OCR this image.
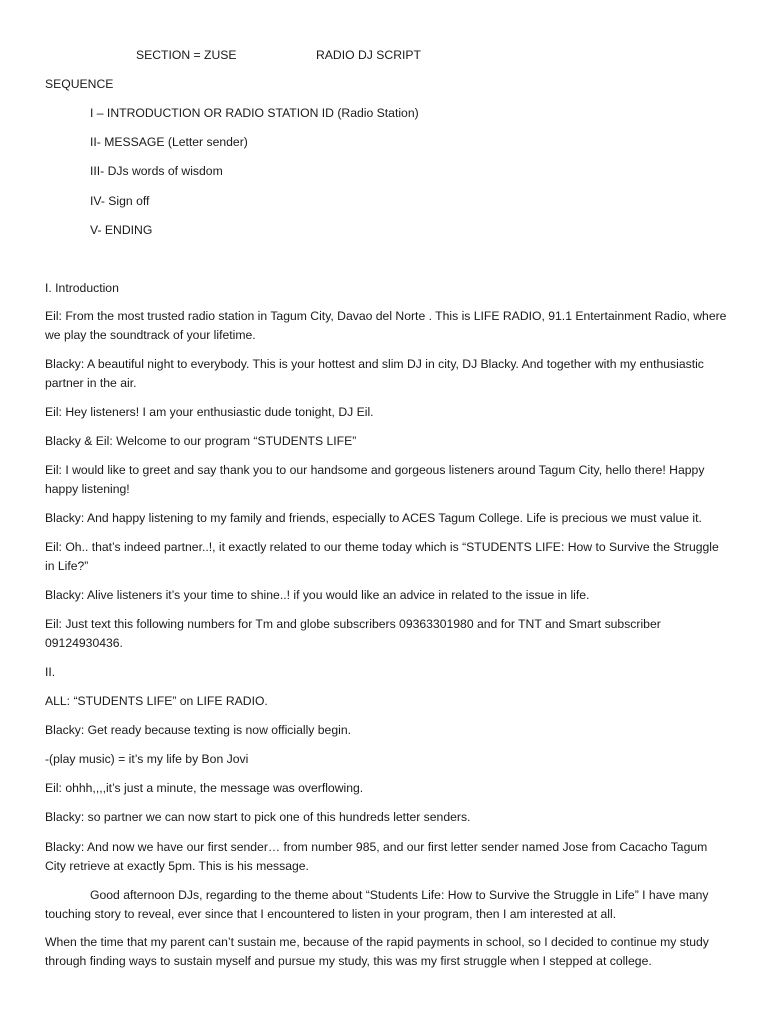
SECTION = ZUSE	RADIO DJ SCRIPT
SEQUENCE
I – INTRODUCTION OR RADIO STATION ID (Radio Station)
II- MESSAGE (Letter sender)
III- DJs words of wisdom
IV- Sign off
V- ENDING
I. Introduction
Eil: From the most trusted radio station in Tagum City, Davao del Norte . This is LIFE RADIO, 91.1 Entertainment Radio, where we play the soundtrack of your lifetime.
Blacky: A beautiful night to everybody. This is your hottest and slim DJ in city, DJ Blacky. And together with my enthusiastic partner in the air.
Eil: Hey listeners! I am your enthusiastic dude tonight, DJ Eil.
Blacky & Eil: Welcome to our program “STUDENTS LIFE”
Eil: I would like to greet and say thank you to our handsome and gorgeous listeners around Tagum City, hello there! Happy happy listening!
Blacky: And happy listening to my family and friends, especially to ACES Tagum College. Life is precious we must value it.
Eil: Oh.. that’s indeed partner..!, it exactly related to our theme today which is “STUDENTS LIFE: How to Survive the Struggle in Life?”
Blacky: Alive listeners it’s your time to shine..! if you would like an advice in related to the issue in life.
Eil: Just text this following numbers for Tm and globe subscribers 09363301980 and for TNT and Smart subscriber 09124930436.
II.
ALL: “STUDENTS LIFE” on LIFE RADIO.
Blacky: Get ready because texting is now officially begin.
-(play music) = it’s my life by Bon Jovi
Eil: ohhh,,,,it’s just a minute, the message was overflowing.
Blacky: so partner we can now start to pick one of this hundreds letter senders.
Blacky: And now we have our first sender… from number 985, and our first letter sender named Jose from Cacacho Tagum City retrieve at exactly 5pm. This is his message.
Good afternoon DJs, regarding to the theme about “Students Life: How to Survive the Struggle in Life” I have many touching story to reveal, ever since that I encountered to listen in your program, then I am interested at all.
When the time that my parent can’t sustain me, because of the rapid payments in school, so I decided to continue my study through finding ways to sustain myself and pursue my study, this was my first struggle when I stepped at college.
